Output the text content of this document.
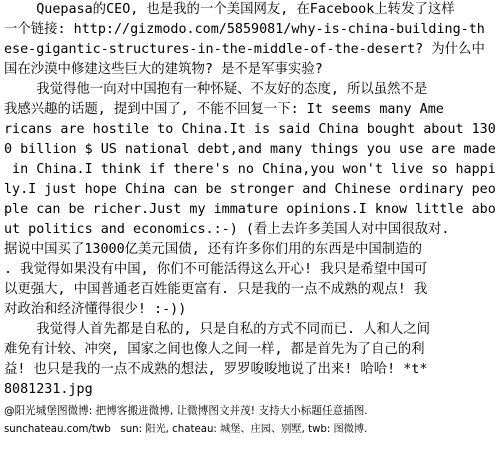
Quepasa的CEO, 也是我的一个美国网友, 在Facebook上转发了这样
一个链接: http://gizmodo.com/5859081/why-is-china-building-th
ese-gigantic-structures-in-the-middle-of-the-desert? 为什么中
国在沙漠中修建这些巨大的建筑物? 是不是军事实验?
我觉得他一向对中国抱有一种怀疑、不友好的态度, 所以虽然不是
我感兴趣的话题, 提到中国了, 不能不回复一下: It seems many Ame
ricans are hostile to China.It is said China bought about 130
0 billion $ US national debt,and many things you use are made
in China.I think if there's no China,you won't live so happi
ly.I just hope China can be stronger and Chinese ordinary peo
ple can be richer.Just my immature opinions.I know little abo
ut politics and economics.:-) (看上去许多美国人对中国很敌对.
据说中国买了13000亿美元国债, 还有许多你们用的东西是中国制造的
. 我觉得如果没有中国, 你们不可能活得这么开心! 我只是希望中国可
以更强大, 中国普通老百姓能更富有. 只是我的一点不成熟的观点! 我
对政治和经济懂得很少! :-))
我觉得人首先都是自私的, 只是自私的方式不同而已. 人和人之间
难免有计较、冲突, 国家之间也像人之间一样, 都是首先为了自己的利
益! 也只是我的一点不成熟的想法, 罗罗唆唆地说了出来! 哈哈! *t*
8081231.jpg
@阳光城堡图微博: 把博客搬进微博, 让微博图文并茂! 支持大小标题任意插图.
sunchateau.com/twb   sun: 阳光, chateau: 城堡、庄园、别墅, twb: 图微博.
